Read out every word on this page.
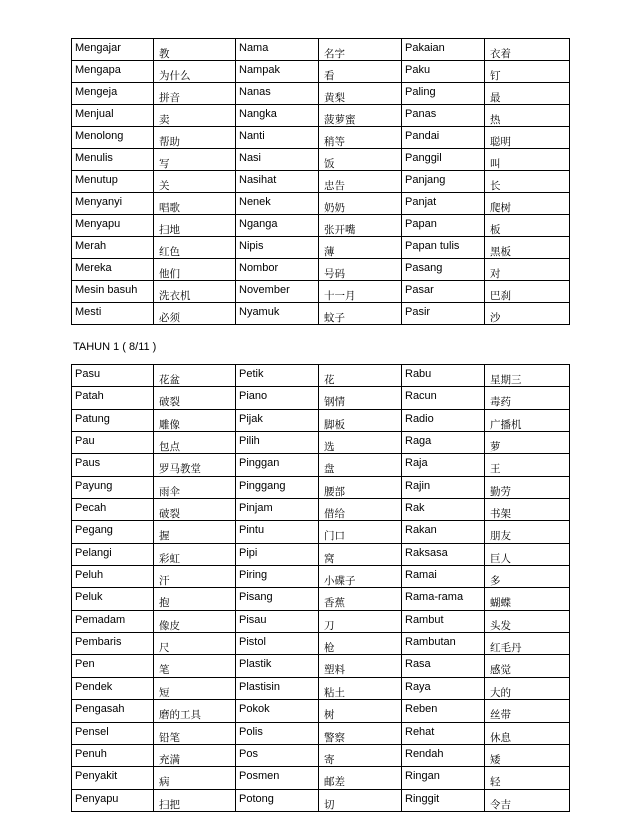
Mengajar	教	Nama	名字	Pakaian	衣着
Mengapa	为什么	Nampak	看	Paku	钉
Mengeja	拼音	Nanas	黄梨	Paling	最
Menjual	卖	Nangka	菠萝蜜	Panas	热
Menolong	帮助	Nanti	稍等	Pandai	聪明
Menulis	写	Nasi	饭	Panggil	叫
Menutup	关	Nasihat	忠告	Panjang	长
Menyanyi	唱歌	Nenek	奶奶	Panjat	爬树
Menyapu	扫地	Nganga	张开嘴	Papan	板
Merah	红色	Nipis	薄	Papan tulis	黑板
Mereka	他们	Nombor	号码	Pasang	对
Mesin basuh	洗衣机	November	十一月	Pasar	巴刹
Mesti	必须	Nyamuk	蚊子	Pasir	沙
TAHUN 1 ( 8/11 )
Pasu	花盆	Petik	花	Rabu	星期三
Patah	破裂	Piano	钢情	Racun	毒药
Patung	雕像	Pijak	脚板	Radio	广播机
Pau	包点	Pilih	选	Raga	萝
Paus	罗马教堂	Pinggan	盘	Raja	王
Payung	雨伞	Pinggang	腰部	Rajin	勤劳
Pecah	破裂	Pinjam	借给	Rak	书架
Pegang	握	Pintu	门口	Rakan	朋友
Pelangi	彩虹	Pipi	窝	Raksasa	巨人
Peluh	汗	Piring	小碟子	Ramai	多
Peluk	抱	Pisang	香蕉	Rama-rama	蝴蝶
Pemadam	像皮	Pisau	刀	Rambut	头发
Pembaris	尺	Pistol	枪	Rambutan	红毛丹
Pen	笔	Plastik	塑料	Rasa	感觉
Pendek	短	Plastisin	粘土	Raya	大的
Pengasah	磨的工具	Pokok	树	Reben	丝带
Pensel	铅笔	Polis	警察	Rehat	休息
Penuh	充满	Pos	寄	Rendah	矮
Penyakit	病	Posmen	邮差	Ringan	轻
Penyapu	扫把	Potong	切	Ringgit	令吉
